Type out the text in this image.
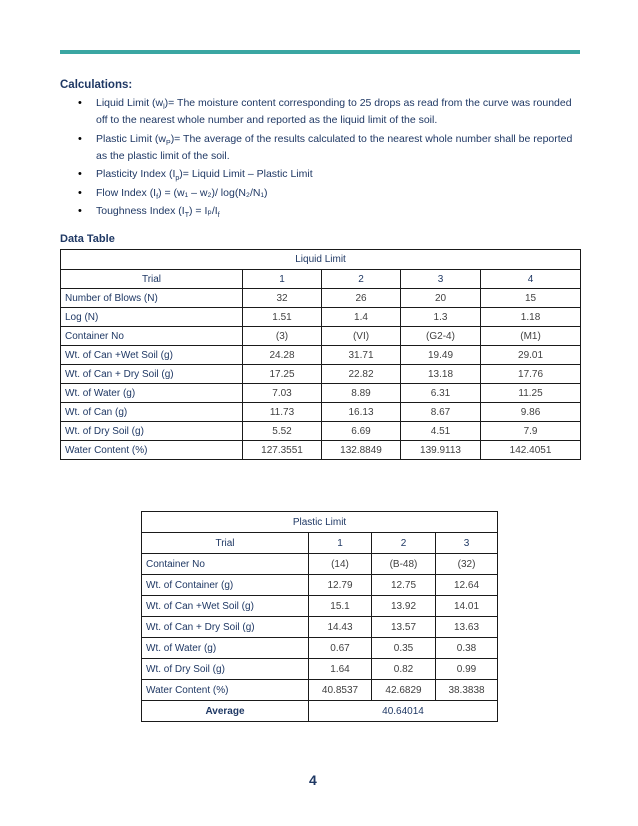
Calculations:
• Liquid Limit $(w_l)=$ The moisture content corresponding to 25 drops as read from the curve was rounded off to the nearest whole number and reported as the liquid limit of the soil.
• Plastic Limit $(w_P)=$ The average of the results calculated to the nearest whole number shall be reported as the plastic limit of the soil.
• Plasticity Index $(I_p)=$ Liquid Limit – Plastic Limit
• Flow Index $(I_f) = (w_1 - w_2)/$ log(N₂/N₁)
• Toughness Index $(I_T) = I_p/I_f$
Data Table
Liquid Limit				
Trial	1	2	3	4
Number of Blows (N)	32	26	20	15
Log (N)	1.51	1.4	1.3	1.18
Container No	(3)	(VI)	(G2-4)	(M1)
Wt. of Can +Wet Soil (g)	24.28	31.71	19.49	29.01
Wt. of Can + Dry Soil (g)	17.25	22.82	13.18	17.76
Wt. of Water (g)	7.03	8.89	6.31	11.25
Wt. of Can (g)	11.73	16.13	8.67	9.86
Wt. of Dry Soil (g)	5.52	6.69	4.51	7.9
Water Content (%)	127.3551	132.8849	139.9113	142.4051
Plastic Limit			
Trial	1	2	3
Container No	(14)	(B-48)	(32)
Wt. of Container (g)	12.79	12.75	12.64
Wt. of Can +Wet Soil (g)	15.1	13.92	14.01
Wt. of Can + Dry Soil (g)	14.43	13.57	13.63
Wt. of Water (g)	0.67	0.35	0.38
Wt. of Dry Soil (g)	1.64	0.82	0.99
Water Content (%)	40.8537	42.6829	38.3838
Average	40.64014		
4
